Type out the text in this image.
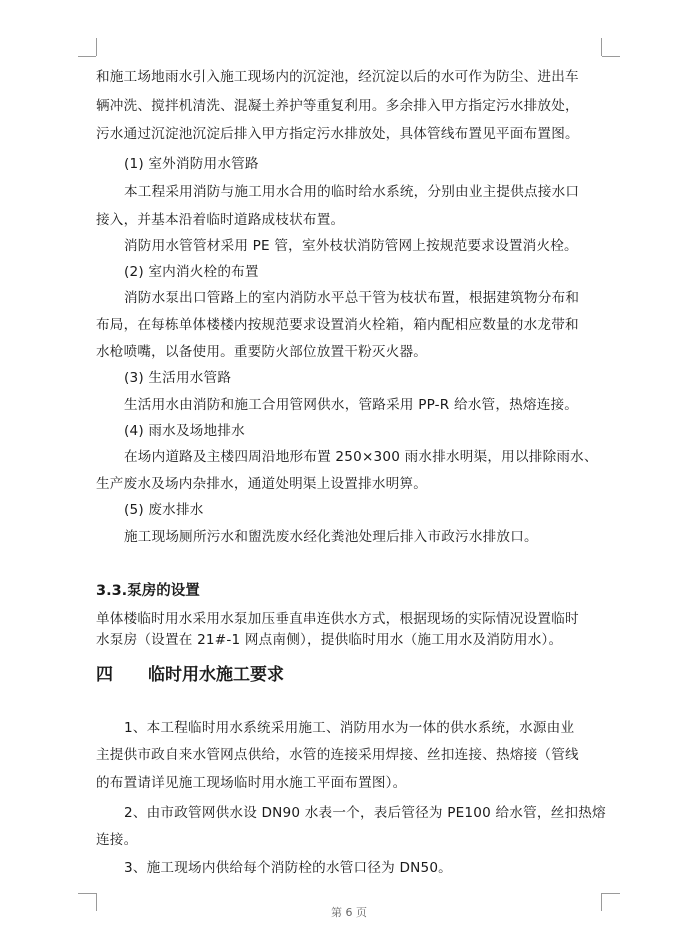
和施工场地雨水引入施工现场内的沉淀池，经沉淀以后的水可作为防尘、进出车
辆冲洗、搅拌机清洗、混凝土养护等重复利用。多余排入甲方指定污水排放处，
污水通过沉淀池沉淀后排入甲方指定污水排放处，具体管线布置见平面布置图。
(1) 室外消防用水管路
本工程采用消防与施工用水合用的临时给水系统，分别由业主提供点接水口
接入，并基本沿着临时道路成枝状布置。
消防用水管管材采用 PE 管，室外枝状消防管网上按规范要求设置消火栓。
(2) 室内消火栓的布置
消防水泵出口管路上的室内消防水平总干管为枝状布置，根据建筑物分布和
布局，在每栋单体楼楼内按规范要求设置消火栓箱，箱内配相应数量的水龙带和
水枪喷嘴，以备使用。重要防火部位放置干粉灭火器。
(3) 生活用水管路
生活用水由消防和施工合用管网供水，管路采用 PP-R 给水管，热熔连接。
(4) 雨水及场地排水
在场内道路及主楼四周沿地形布置 250×300 雨水排水明渠，用以排除雨水、
生产废水及场内杂排水，通道处明渠上设置排水明箅。
(5) 废水排水
施工现场厕所污水和盥洗废水经化粪池处理后排入市政污水排放口。
3.3.泵房的设置
单体楼临时用水采用水泵加压垂直串连供水方式，根据现场的实际情况设置临时
水泵房（设置在 21#-1 网点南侧），提供临时用水（施工用水及消防用水）。
四 临时用水施工要求
1、本工程临时用水系统采用施工、消防用水为一体的供水系统，水源由业
主提供市政自来水管网点供给，水管的连接采用焊接、丝扣连接、热熔接（管线
的布置请详见施工现场临时用水施工平面布置图）。
2、由市政管网供水设 DN90 水表一个，表后管径为 PE100 给水管，丝扣热熔
连接。
3、施工现场内供给每个消防栓的水管口径为 DN50。
第 6 页
